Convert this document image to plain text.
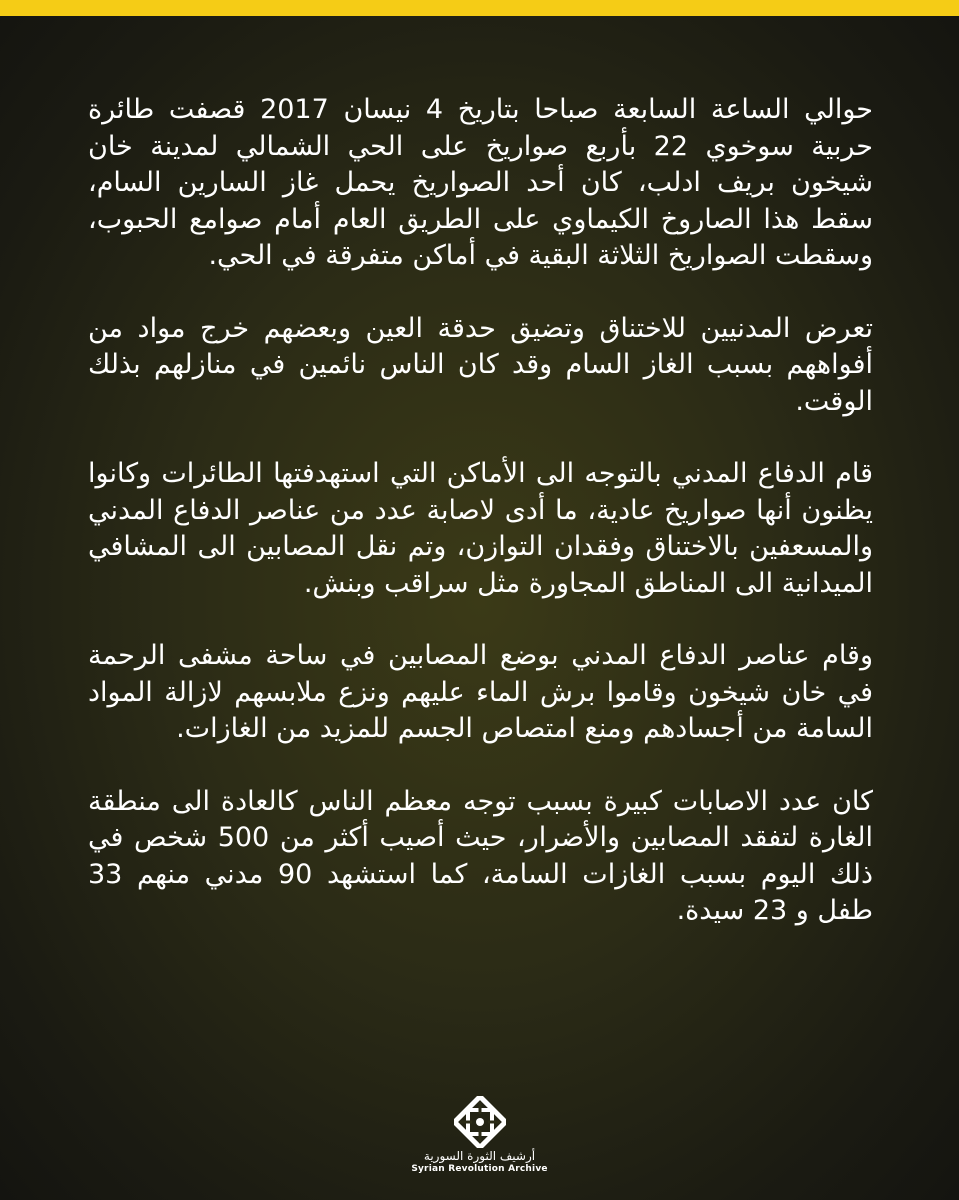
حوالي الساعة السابعة صباحا بتاريخ 4 نيسان 2017 قصفت طائرة حربية سوخوي 22 بأربع صواريخ على الحي الشمالي لمدينة خان شيخون بريف ادلب، كان أحد الصواريخ يحمل غاز السارين السام، سقط هذا الصاروخ الكيماوي على الطريق العام أمام صوامع الحبوب، وسقطت الصواريخ الثلاثة البقية في أماكن متفرقة في الحي.

تعرض المدنيين للاختناق وتضيق حدقة العين وبعضهم خرج مواد من أفواههم بسبب الغاز السام وقد كان الناس نائمين في منازلهم بذلك الوقت.

قام الدفاع المدني بالتوجه الى الأماكن التي استهدفتها الطائرات وكانوا يظنون أنها صواريخ عادية، ما أدى لاصابة عدد من عناصر الدفاع المدني والمسعفين بالاختناق وفقدان التوازن، وتم نقل المصابين الى المشافي الميدانية الى المناطق المجاورة مثل سراقب وبنش.

وقام عناصر الدفاع المدني بوضع المصابين في ساحة مشفى الرحمة في خان شيخون وقاموا برش الماء عليهم ونزع ملابسهم لازالة المواد السامة من أجسادهم ومنع امتصاص الجسم للمزيد من الغازات.

كان عدد الاصابات كبيرة بسبب توجه معظم الناس كالعادة الى منطقة الغارة لتفقد المصابين والأضرار، حيث أصيب أكثر من 500 شخص في ذلك اليوم بسبب الغازات السامة، كما استشهد 90 مدني منهم 33 طفل و 23 سيدة.

أرشيف الثورة السورية
Syrian Revolution Archive
